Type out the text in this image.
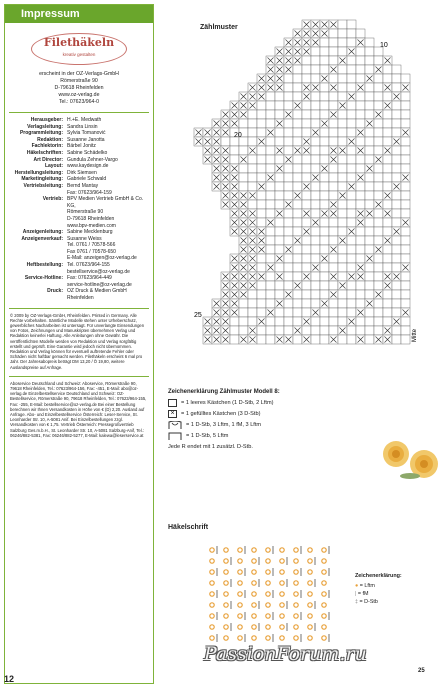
Impressum
Filethäkeln
kreativ gestalten
erscheint in der OZ-Verlags-GmbH
Römerstraße 90
D-79618 Rheinfelden
www.oz-verlag.de
Tel.: 07623/964-0
Herausgeber: H.+E. Medwath
Verlagsleitung: Sandra Linsin
Programmleitung: Sylvia Tomanović
Redaktion: Susanne Janotta
Fachlektorin: Bärbel Jonitz
Häkelschriften: Sabine Schädelko
Art Director: Gundula Zehner-Vargo
Layout: www.kaydesign.de
Herstellungsleitung: Dirk Siemsen
Marketingleitung: Gabriele Schwald
Vertriebsleitung: Bernd Mantay
Fax: 07623/964-159
Vertrieb: BPV Medien Vertrieb GmbH & Co. KG,
Römerstraße 90
D-79618 Rheinfelden
www.bpv-medien.com
Anzeigenleitung: Sabine Mecklenburg
Anzeigenverkauf: Susanne Weiss
Tel. 0761 / 70578-566
Fax 0761 / 70578-650
E-Mail: anzeigen@oz-verlag.de
Heftbestellung: Tel. 07623/964-155
bestellservice@oz-verlag.de
Service-Hotline: Fax: 07623/964-449
service-hotline@oz-verlag.de
Druck: OZ Druck & Medien GmbH
Rheinfelden
© 2009 by OZ-Verlags-GmbH, Rheinfelden. Printed in Germany. Alle Rechte vorbehalten. Sämtliche Modelle stehen unter Urheberschutz, gewerbliches Nacharbeiten ist untersagt. Für unverlangte Einsendungen von Fotos, Zeichnungen und Manuskripten übernehmen Verlag und Redaktion keinerlei Haftung. Alle Anleitungen ohne Gewähr. Die veröffentlichten Modelle werden von Redaktion und Verlag sorgfältig erstellt und geprüft. Eine Garantie wird jedoch nicht übernommen. Redaktion und Verlag können für eventuell auftretende Fehler oder Schäden nicht haftbar gemacht werden. Filethäkeln erscheint 6 mal pro Jahr. Der Jahresabopreis beträgt DM 13,20 / Ö 19,80, weitere Auslandspreise auf Anfrage.
Aboservice Deutschland und Schweiz: Aboservice, Römerstraße 90, 79618 Rheinfelden, Tel.: 07623/964-156, Fax: -451, E-Mail: abo@oz-verlag.de Einzelbestellservice Deutschland und Schweiz: OZ-Bestellservice, Römerstraße 90, 79618 Rheinfelden, Tel.: 07623/964-155, Fax: -255, E-Mail: bestellservice@oz-verlag.de Bei einer Bestellung berechnen wir Ihnen Versandkosten in Höhe von € (D) 2,20. Ausland auf Anfrage. Abo- und Einzelbestellservice Österreich: Leser-Service, St. Leonharder Str. 10, A-5081 Anif. Bei Einzelbestellungen zzgl. Versandkosten von € 1,75. Vertrieb Österreich: Pressegroßvertrieb Salzburg Ges.m.b.H., St. Leonharder Str. 10, A-5081 Salzburg-Anif, Tel.: 06246/882-5381, Fax: 06246/882-5277, E-Mail: kalewa@leserservice.at
12
Zählmuster
10
20
25
Mitte
Zeichenerklärung Zählmuster Modell 8:
= 1 leeres Kästchen (1 D-Stb, 2 Lftm)
×	= 1 gefülltes Kästchen (3 D-Stb)
= 1 D-Stb, 3 Lftm, 1 fM, 3 Lftm
= 1 D-Stb, 5 Lftm
Jede R endet mit 1 zusätzl. D-Stb.
Häkelschrift
Zeichenerklärung:
● = Lftm
| = fM
‡ = D-Stb
PassionForum.ru
25
